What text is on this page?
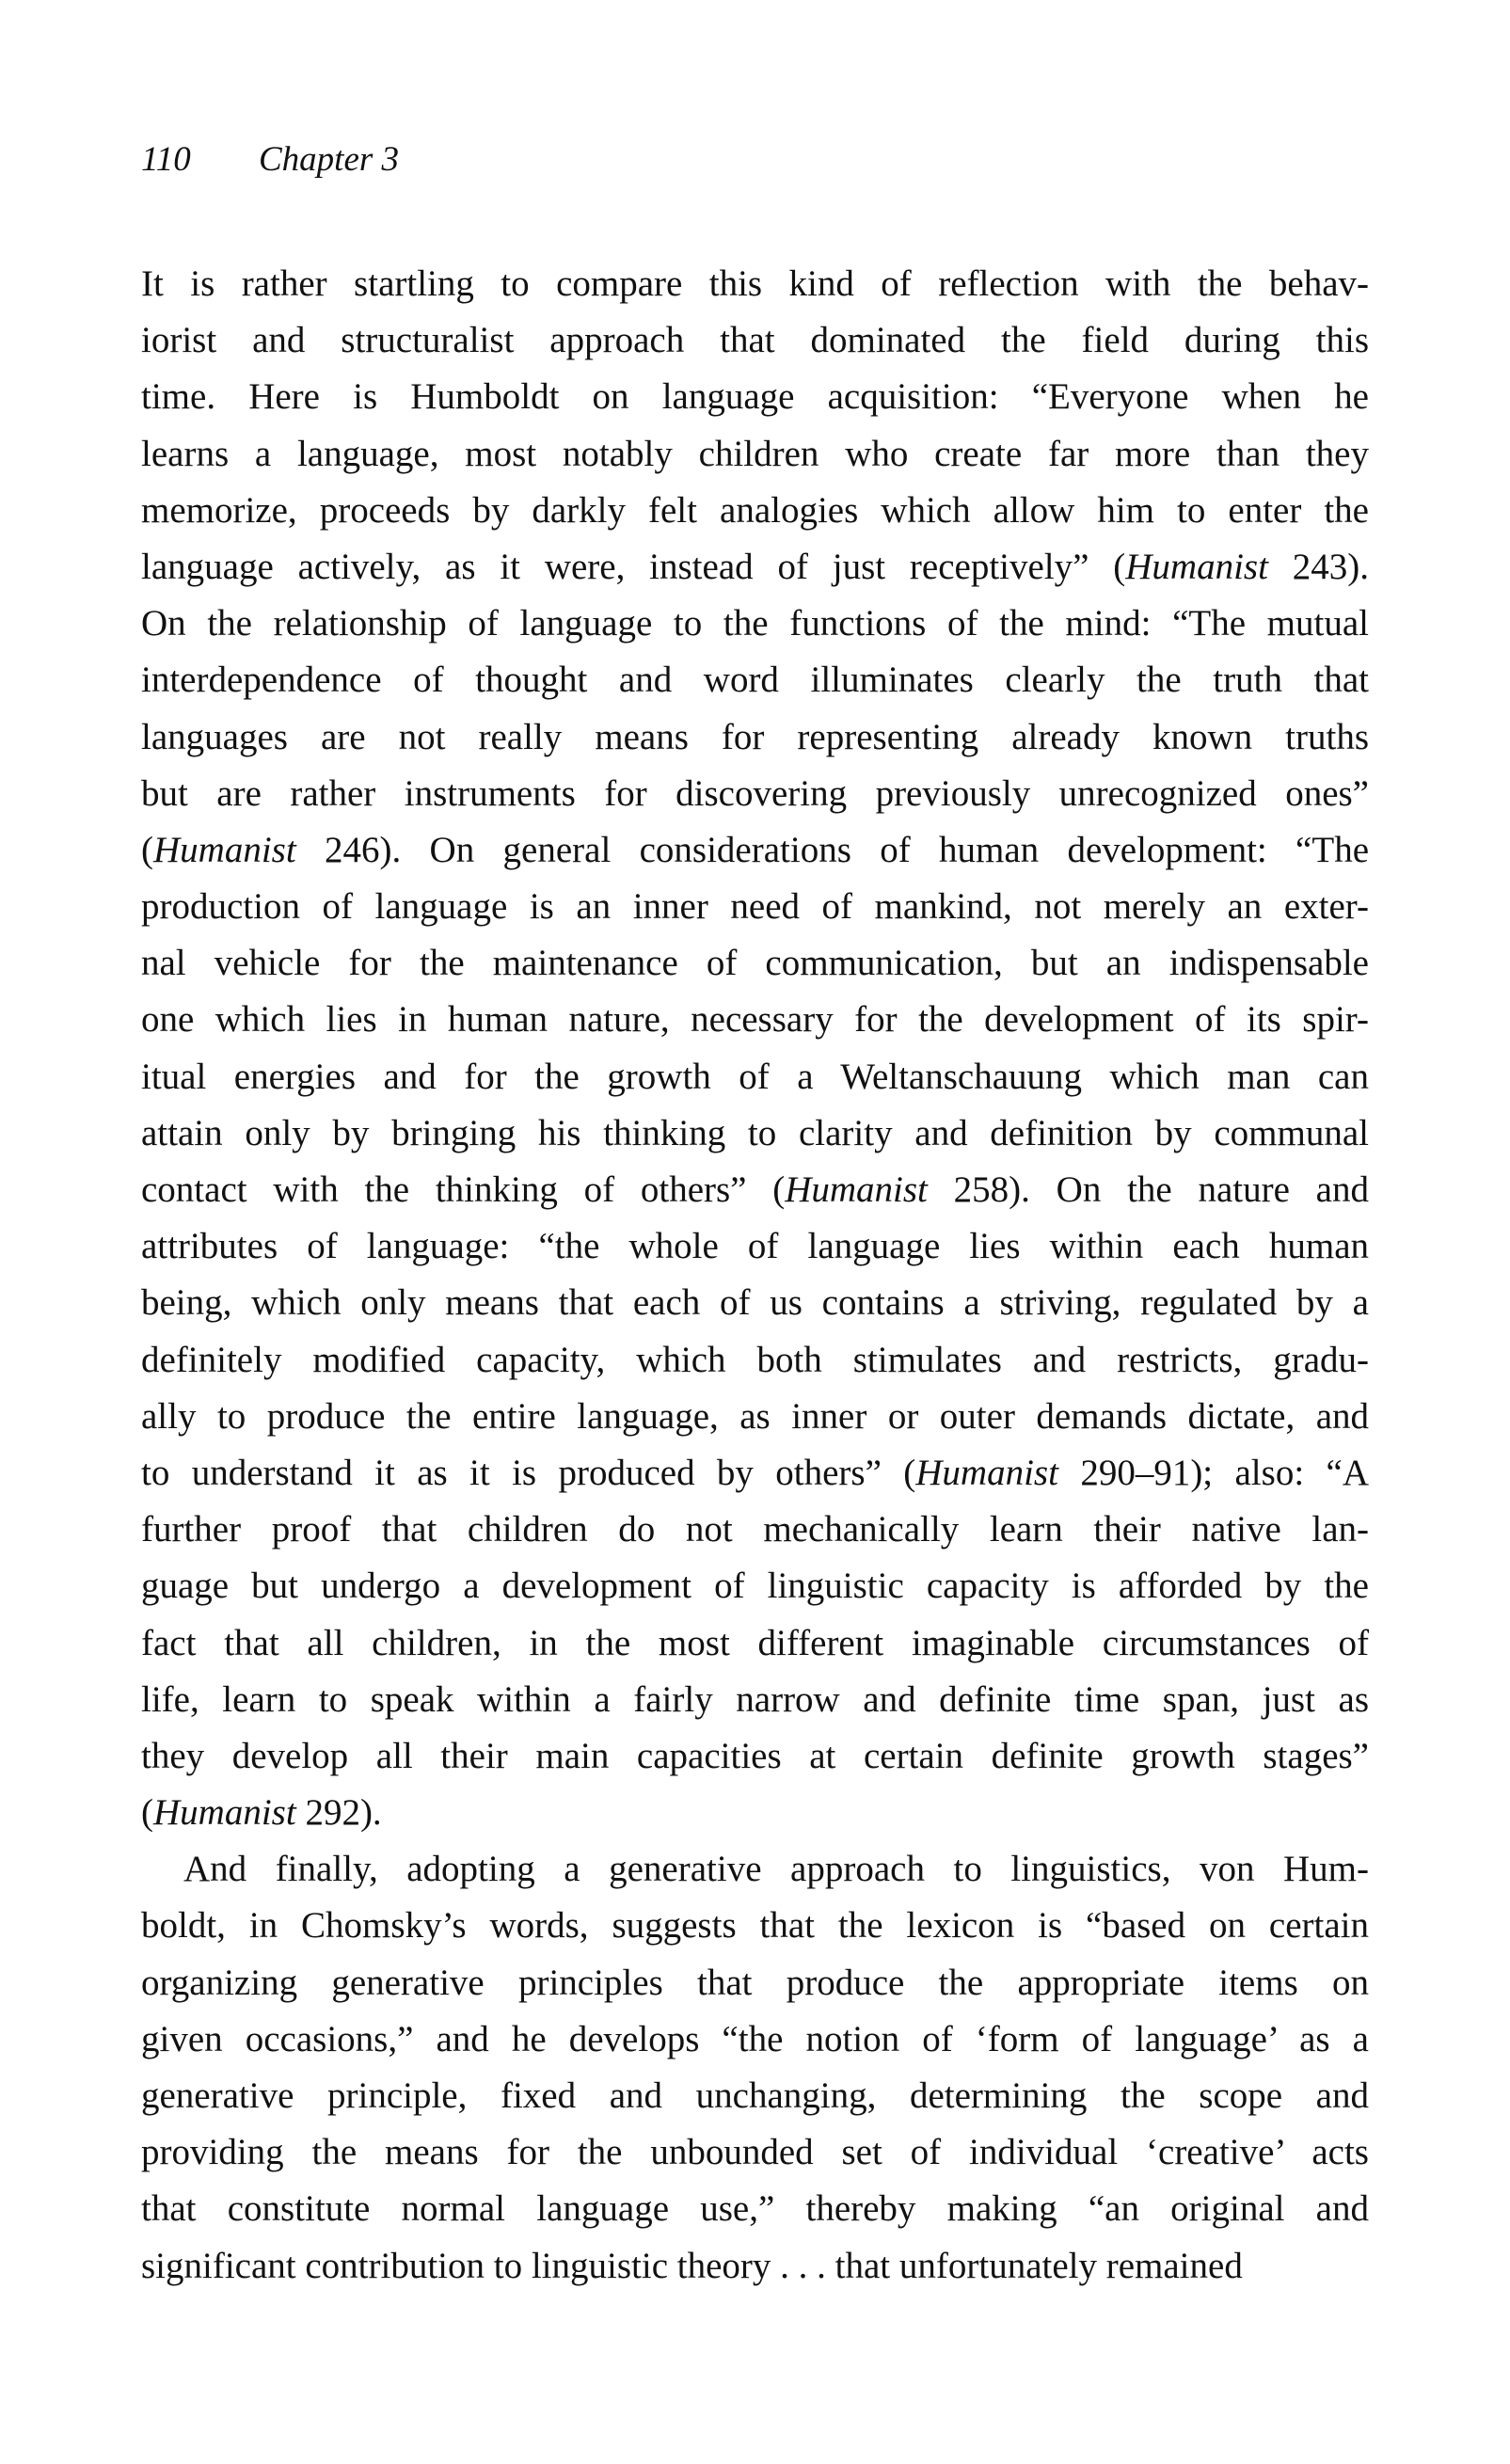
110 Chapter 3
It is rather startling to compare this kind of reflection with the behav-
iorist and structuralist approach that dominated the field during this
time. Here is Humboldt on language acquisition: “Everyone when he
learns a language, most notably children who create far more than they
memorize, proceeds by darkly felt analogies which allow him to enter the
language actively, as it were, instead of just receptively” (Humanist 243).
On the relationship of language to the functions of the mind: “The mutual
interdependence of thought and word illuminates clearly the truth that
languages are not really means for representing already known truths
but are rather instruments for discovering previously unrecognized ones”
(Humanist 246). On general considerations of human development: “The
production of language is an inner need of mankind, not merely an exter-
nal vehicle for the maintenance of communication, but an indispensable
one which lies in human nature, necessary for the development of its spir-
itual energies and for the growth of a Weltanschauung which man can
attain only by bringing his thinking to clarity and definition by communal
contact with the thinking of others” (Humanist 258). On the nature and
attributes of language: “the whole of language lies within each human
being, which only means that each of us contains a striving, regulated by a
definitely modified capacity, which both stimulates and restricts, gradu-
ally to produce the entire language, as inner or outer demands dictate, and
to understand it as it is produced by others” (Humanist 290–91); also: “A
further proof that children do not mechanically learn their native lan-
guage but undergo a development of linguistic capacity is afforded by the
fact that all children, in the most different imaginable circumstances of
life, learn to speak within a fairly narrow and definite time span, just as
they develop all their main capacities at certain definite growth stages”
(Humanist 292).
And finally, adopting a generative approach to linguistics, von Hum-
boldt, in Chomsky’s words, suggests that the lexicon is “based on certain
organizing generative principles that produce the appropriate items on
given occasions,” and he develops “the notion of ‘form of language’ as a
generative principle, fixed and unchanging, determining the scope and
providing the means for the unbounded set of individual ‘creative’ acts
that constitute normal language use,” thereby making “an original and
significant contribution to linguistic theory . . . that unfortunately remained
